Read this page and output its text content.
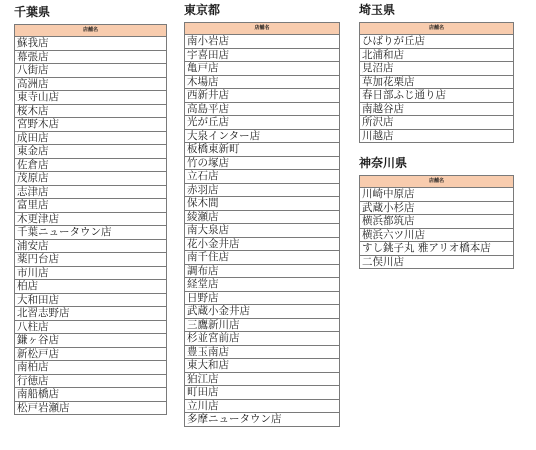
千葉県
店舗名
蘇我店
幕張店
八街店
高洲店
東寺山店
桜木店
宮野木店
成田店
東金店
佐倉店
茂原店
志津店
富里店
木更津店
千葉ニュータウン店
浦安店
薬円台店
市川店
柏店
大和田店
北習志野店
八柱店
鎌ヶ谷店
新松戸店
南柏店
行徳店
南船橋店
松戸岩瀬店
東京都
店舗名
南小岩店
宇喜田店
亀戸店
木場店
西新井店
高島平店
光が丘店
大泉インター店
板橋東新町
竹の塚店
立石店
赤羽店
保木間
綾瀬店
南大泉店
花小金井店
南千住店
調布店
経堂店
日野店
武蔵小金井店
三鷹新川店
杉並宮前店
豊玉南店
東大和店
狛江店
町田店
立川店
多摩ニュータウン店
埼玉県
店舗名
ひばりが丘店
北浦和店
見沼店
草加花栗店
春日部ふじ通り店
南越谷店
所沢店
川越店
神奈川県
店舗名
川崎中原店
武蔵小杉店
横浜都筑店
横浜六ツ川店
すし銚子丸 雅アリオ橋本店
二俣川店
